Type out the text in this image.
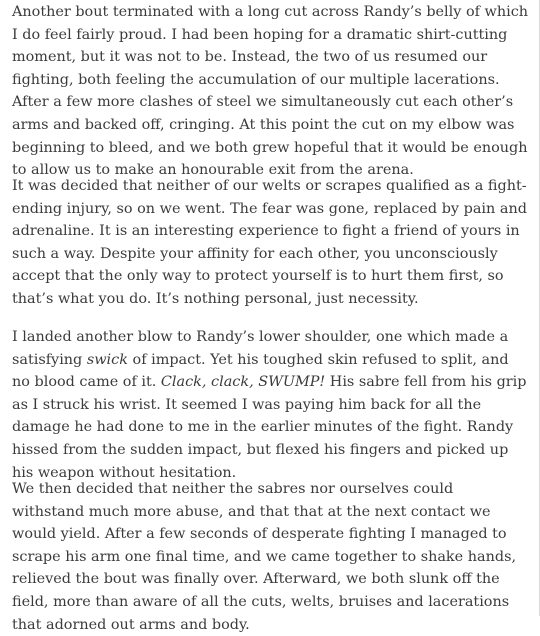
Another bout terminated with a long cut across Randy’s belly of which I do feel fairly proud. I had been hoping for a dramatic shirt-cutting moment, but it was not to be. Instead, the two of us resumed our fighting, both feeling the accumulation of our multiple lacerations. After a few more clashes of steel we simultaneously cut each other’s arms and backed off, cringing. At this point the cut on my elbow was beginning to bleed, and we both grew hopeful that it would be enough to allow us to make an honourable exit from the arena.

It was decided that neither of our welts or scrapes qualified as a fight-ending injury, so on we went. The fear was gone, replaced by pain and adrenaline. It is an interesting experience to fight a friend of yours in such a way. Despite your affinity for each other, you unconsciously accept that the only way to protect yourself is to hurt them first, so that’s what you do. It’s nothing personal, just necessity.

I landed another blow to Randy’s lower shoulder, one which made a satisfying swick of impact. Yet his toughed skin refused to split, and no blood came of it. Clack, clack, SWUMP! His sabre fell from his grip as I struck his wrist. It seemed I was paying him back for all the damage he had done to me in the earlier minutes of the fight. Randy hissed from the sudden impact, but flexed his fingers and picked up his weapon without hesitation.

We then decided that neither the sabres nor ourselves could withstand much more abuse, and that that at the next contact we would yield. After a few seconds of desperate fighting I managed to scrape his arm one final time, and we came together to shake hands, relieved the bout was finally over. Afterward, we both slunk off the field, more than aware of all the cuts, welts, bruises and lacerations that adorned out arms and body.
